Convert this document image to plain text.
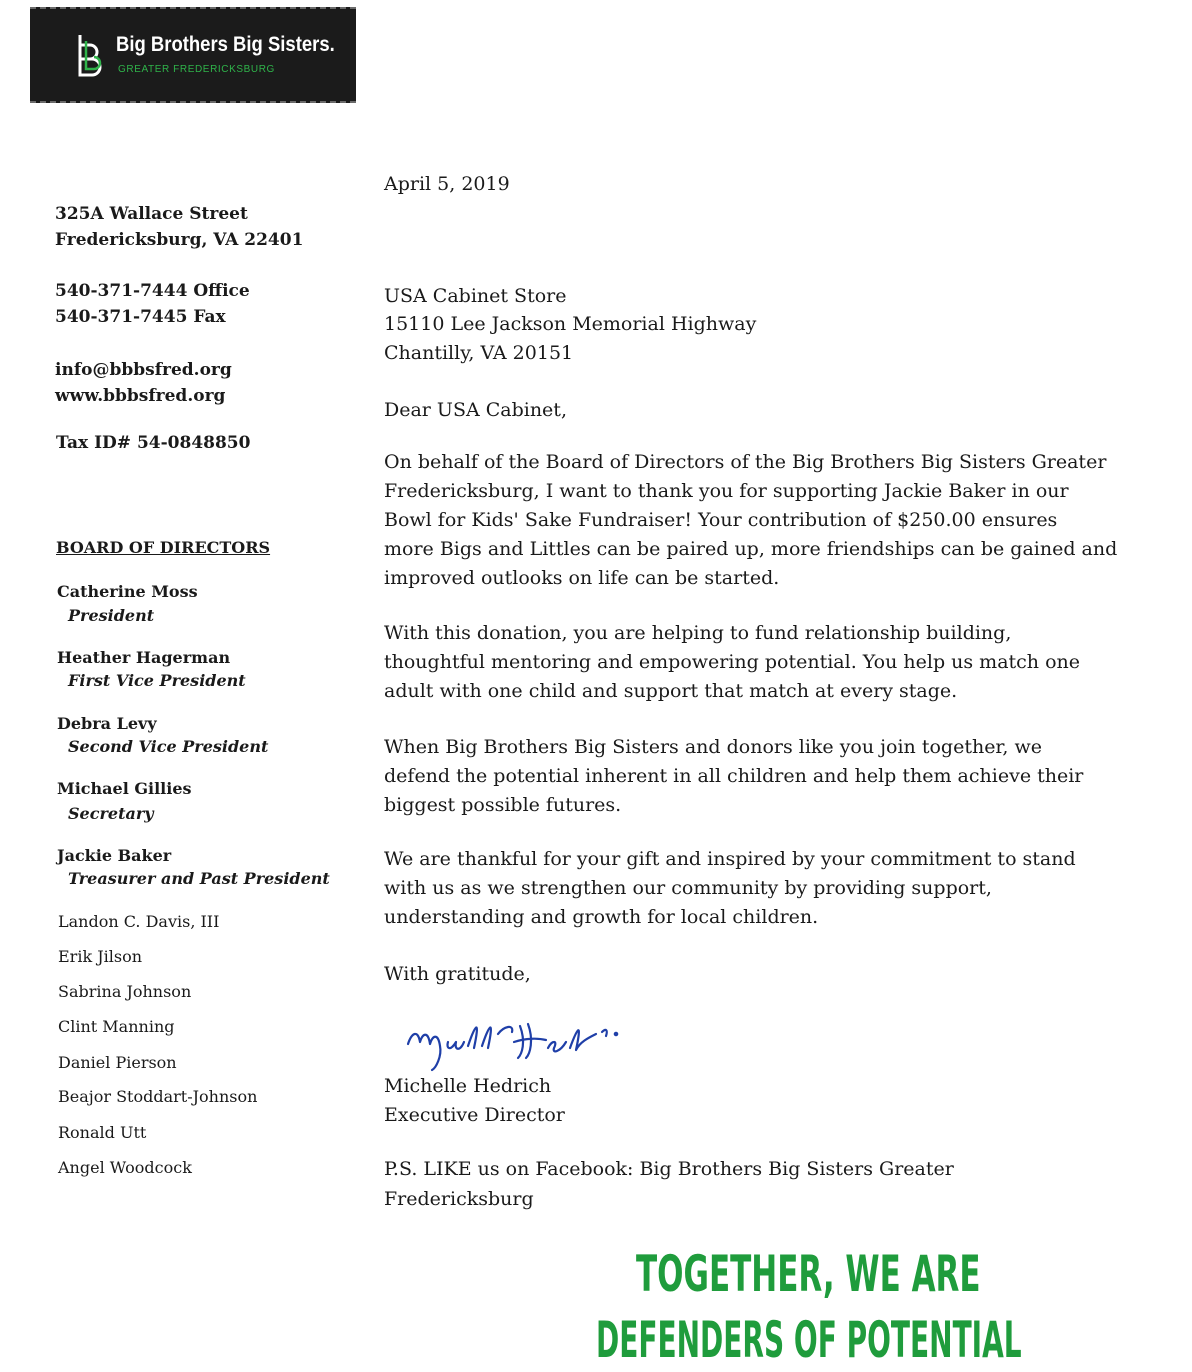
Big Brothers Big Sisters.
GREATER FREDERICKSBURG
325A Wallace Street
Fredericksburg, VA 22401
540-371-7444 Office
540-371-7445 Fax
info@bbbsfred.org
www.bbbsfred.org
Tax ID# 54-0848850
BOARD OF DIRECTORS
Catherine Moss
President
Heather Hagerman
First Vice President
Debra Levy
Second Vice President
Michael Gillies
Secretary
Jackie Baker
Treasurer and Past President
Landon C. Davis, III
Erik Jilson
Sabrina Johnson
Clint Manning
Daniel Pierson
Beajor Stoddart-Johnson
Ronald Utt
Angel Woodcock
April 5, 2019
USA Cabinet Store
15110 Lee Jackson Memorial Highway
Chantilly, VA 20151
Dear USA Cabinet,
On behalf of the Board of Directors of the Big Brothers Big Sisters Greater
Fredericksburg, I want to thank you for supporting Jackie Baker in our
Bowl for Kids' Sake Fundraiser! Your contribution of $250.00 ensures
more Bigs and Littles can be paired up, more friendships can be gained and
improved outlooks on life can be started.
With this donation, you are helping to fund relationship building,
thoughtful mentoring and empowering potential. You help us match one
adult with one child and support that match at every stage.
When Big Brothers Big Sisters and donors like you join together, we
defend the potential inherent in all children and help them achieve their
biggest possible futures.
We are thankful for your gift and inspired by your commitment to stand
with us as we strengthen our community by providing support,
understanding and growth for local children.
With gratitude,
Michelle Hedrich
Executive Director
P.S. LIKE us on Facebook: Big Brothers Big Sisters Greater
Fredericksburg
TOGETHER, WE ARE
DEFENDERS OF POTENTIAL
